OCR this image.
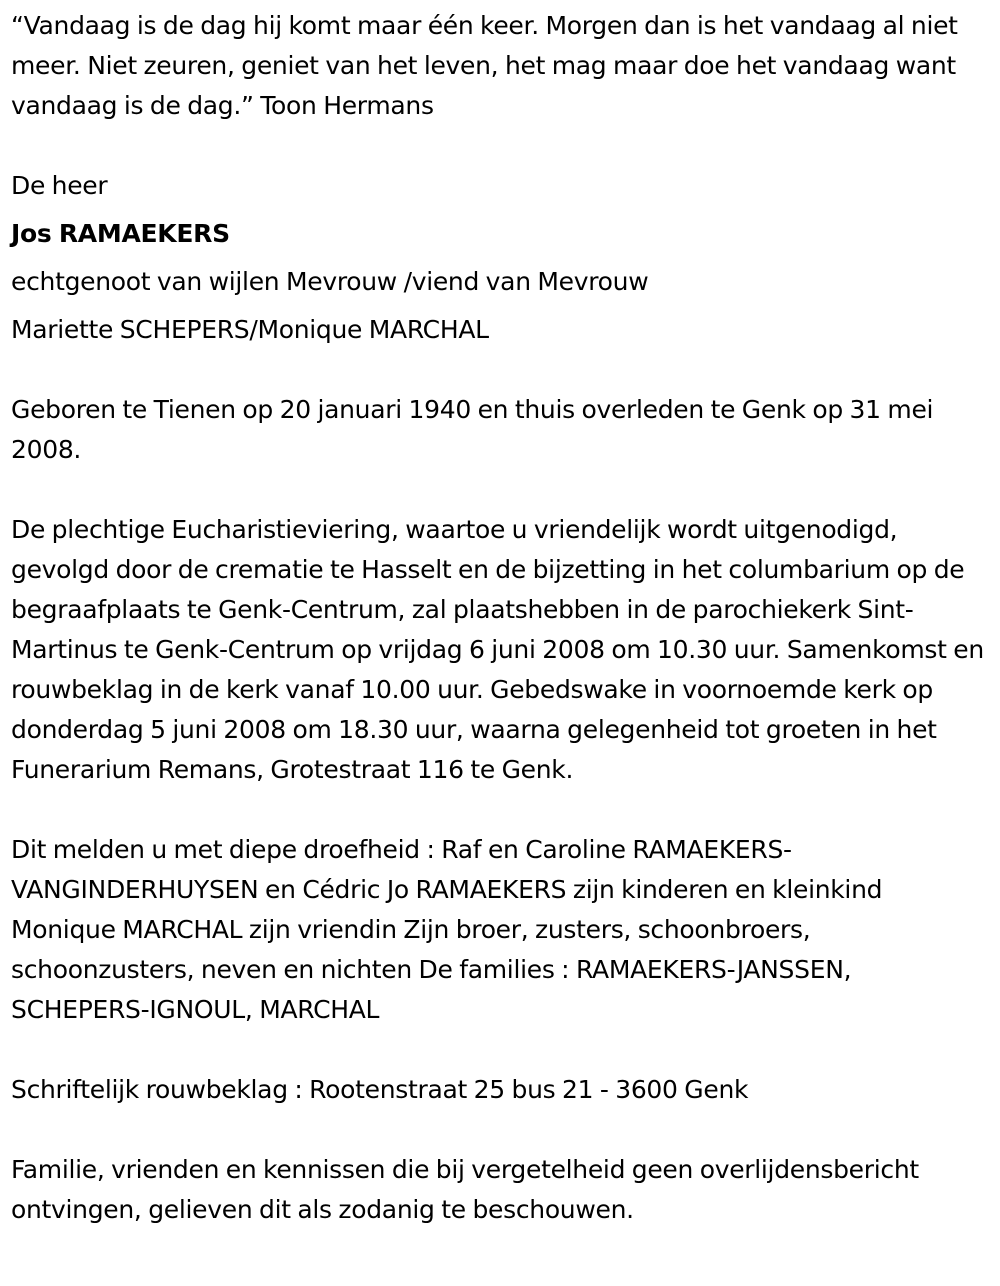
“Vandaag is de dag hij komt maar één keer. Morgen dan is het vandaag al niet meer. Niet zeuren, geniet van het leven, het mag maar doe het vandaag want vandaag is de dag.” Toon Hermans

De heer

Jos RAMAEKERS

echtgenoot van wijlen Mevrouw /viend van Mevrouw

Mariette SCHEPERS/Monique MARCHAL

Geboren te Tienen op 20 januari 1940 en thuis overleden te Genk op 31 mei 2008.

De plechtige Eucharistieviering, waartoe u vriendelijk wordt uitgenodigd, gevolgd door de crematie te Hasselt en de bijzetting in het columbarium op de begraafplaats te Genk-Centrum, zal plaatshebben in de parochiekerk Sint-Martinus te Genk-Centrum op vrijdag 6 juni 2008 om 10.30 uur. Samenkomst en rouwbeklag in de kerk vanaf 10.00 uur. Gebedswake in voornoemde kerk op donderdag 5 juni 2008 om 18.30 uur, waarna gelegenheid tot groeten in het Funerarium Remans, Grotestraat 116 te Genk.

Dit melden u met diepe droefheid : Raf en Caroline RAMAEKERS-VANGINDERHUYSEN en Cédric Jo RAMAEKERS zijn kinderen en kleinkind Monique MARCHAL zijn vriendin Zijn broer, zusters, schoonbroers, schoonzusters, neven en nichten De families : RAMAEKERS-JANSSEN, SCHEPERS-IGNOUL, MARCHAL

Schriftelijk rouwbeklag : Rootenstraat 25 bus 21 - 3600 Genk

Familie, vrienden en kennissen die bij vergetelheid geen overlijdensbericht ontvingen, gelieven dit als zodanig te beschouwen.
